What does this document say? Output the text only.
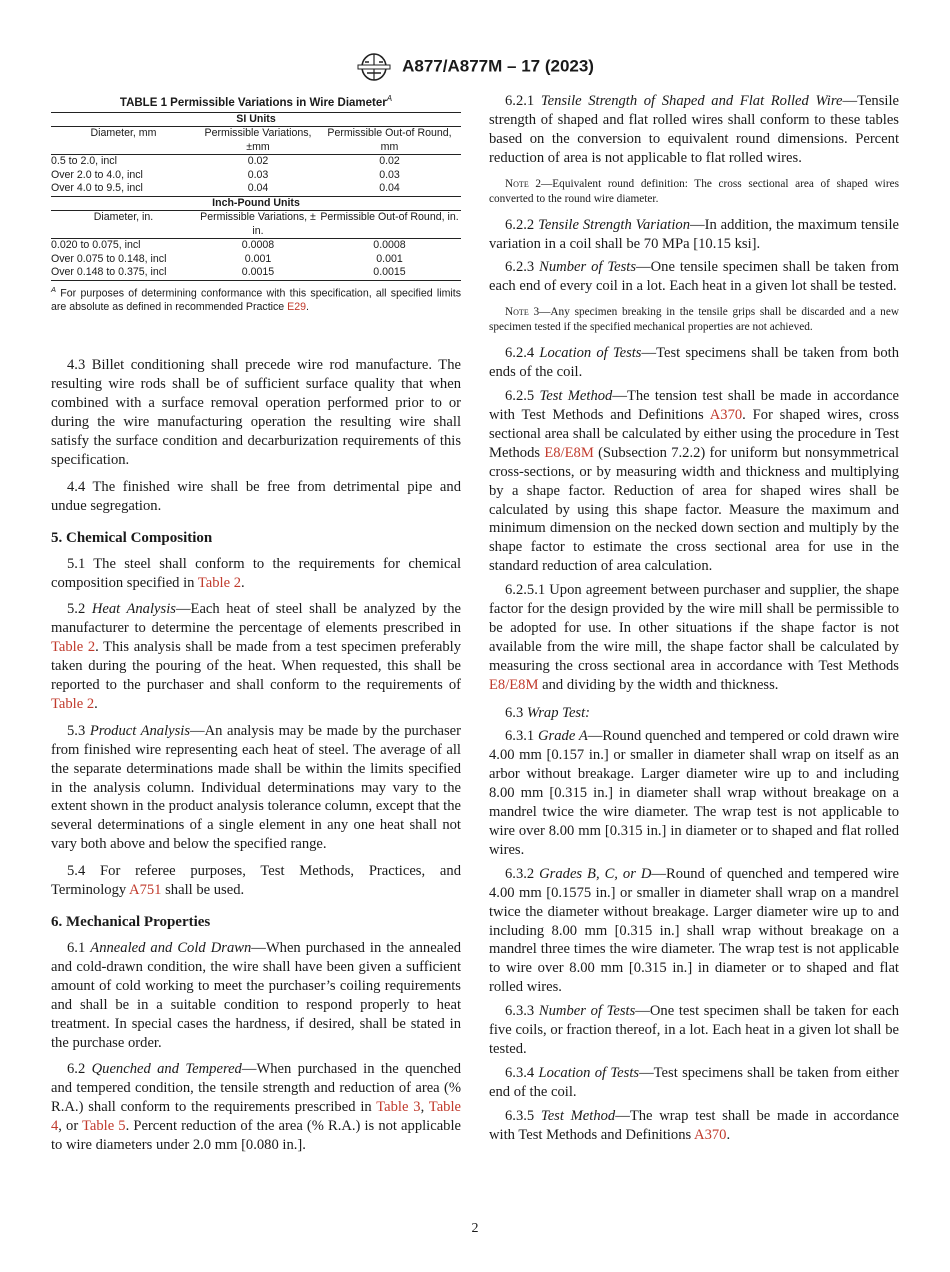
A877/A877M – 17 (2023)
TABLE 1 Permissible Variations in Wire Diameter$^A$
SI Units		
Diameter, mm	Permissible Variations, ±mm	Permissible Out-of Round, mm
0.5 to 2.0, incl	0.02	0.02
Over 2.0 to 4.0, incl	0.03	0.03
Over 4.0 to 9.5, incl	0.04	0.04
Inch-Pound Units		
Diameter, in.	Permissible Variations, ± in.	Permissible Out-of Round, in.
0.020 to 0.075, incl	0.0008	0.0008
Over 0.075 to 0.148, incl	0.001	0.001
Over 0.148 to 0.375, incl	0.0015	0.0015
$^A$ For purposes of determining conformance with this specification, all specified limits are absolute as defined in recommended Practice E29.

4.3 Billet conditioning shall precede wire rod manufacture. The resulting wire rods shall be of sufficient surface quality that when combined with a surface removal operation performed prior to or during the wire manufacturing operation the resulting wire shall satisfy the surface condition and decarburization requirements of this specification.

4.4 The finished wire shall be free from detrimental pipe and undue segregation.

5. Chemical Composition

5.1 The steel shall conform to the requirements for chemical composition specified in Table 2.

5.2 Heat Analysis—Each heat of steel shall be analyzed by the manufacturer to determine the percentage of elements prescribed in Table 2. This analysis shall be made from a test specimen preferably taken during the pouring of the heat. When requested, this shall be reported to the purchaser and shall conform to the requirements of Table 2.

5.3 Product Analysis—An analysis may be made by the purchaser from finished wire representing each heat of steel. The average of all the separate determinations made shall be within the limits specified in the analysis column. Individual determinations may vary to the extent shown in the product analysis tolerance column, except that the several determinations of a single element in any one heat shall not vary both above and below the specified range.

5.4 For referee purposes, Test Methods, Practices, and Terminology A751 shall be used.

6. Mechanical Properties

6.1 Annealed and Cold Drawn—When purchased in the annealed and cold-drawn condition, the wire shall have been given a sufficient amount of cold working to meet the purchaser’s coiling requirements and shall be in a suitable condition to respond properly to heat treatment. In special cases the hardness, if desired, shall be stated in the purchase order.

6.2 Quenched and Tempered—When purchased in the quenched and tempered condition, the tensile strength and reduction of area (% R.A.) shall conform to the requirements prescribed in Table 3, Table 4, or Table 5. Percent reduction of the area (% R.A.) is not applicable to wire diameters under 2.0 mm [0.080 in.].

6.2.1 Tensile Strength of Shaped and Flat Rolled Wire—Tensile strength of shaped and flat rolled wires shall conform to these tables based on the conversion to equivalent round dimensions. Percent reduction of area is not applicable to flat rolled wires.

Note 2—Equivalent round definition: The cross sectional area of shaped wires converted to the round wire diameter.

6.2.2 Tensile Strength Variation—In addition, the maximum tensile variation in a coil shall be 70 MPa [10.15 ksi].

6.2.3 Number of Tests—One tensile specimen shall be taken from each end of every coil in a lot. Each heat in a given lot shall be tested.

Note 3—Any specimen breaking in the tensile grips shall be discarded and a new specimen tested if the specified mechanical properties are not achieved.

6.2.4 Location of Tests—Test specimens shall be taken from both ends of the coil.

6.2.5 Test Method—The tension test shall be made in accordance with Test Methods and Definitions A370. For shaped wires, cross sectional area shall be calculated by either using the procedure in Test Methods E8/E8M (Subsection 7.2.2) for uniform but nonsymmetrical cross-sections, or by measuring width and thickness and multiplying by a shape factor. Reduction of area for shaped wires shall be calculated by using this shape factor. Measure the maximum and minimum dimension on the necked down section and multiply by the shape factor to estimate the cross sectional area for use in the standard reduction of area calculation.

6.2.5.1 Upon agreement between purchaser and supplier, the shape factor for the design provided by the wire mill shall be permissible to be adopted for use. In other situations if the shape factor is not available from the wire mill, the shape factor shall be calculated by measuring the cross sectional area in accordance with Test Methods E8/E8M and dividing by the width and thickness.

6.3 Wrap Test:

6.3.1 Grade A—Round quenched and tempered or cold drawn wire 4.00 mm [0.157 in.] or smaller in diameter shall wrap on itself as an arbor without breakage. Larger diameter wire up to and including 8.00 mm [0.315 in.] in diameter shall wrap without breakage on a mandrel twice the wire diameter. The wrap test is not applicable to wire over 8.00 mm [0.315 in.] in diameter or to shaped and flat rolled wires.

6.3.2 Grades B, C, or D—Round of quenched and tempered wire 4.00 mm [0.1575 in.] or smaller in diameter shall wrap on a mandrel twice the diameter without breakage. Larger diameter wire up to and including 8.00 mm [0.315 in.] shall wrap without breakage on a mandrel three times the wire diameter. The wrap test is not applicable to wire over 8.00 mm [0.315 in.] in diameter or to shaped and flat rolled wires.

6.3.3 Number of Tests—One test specimen shall be taken for each five coils, or fraction thereof, in a lot. Each heat in a given lot shall be tested.

6.3.4 Location of Tests—Test specimens shall be taken from either end of the coil.

6.3.5 Test Method—The wrap test shall be made in accordance with Test Methods and Definitions A370.

2
